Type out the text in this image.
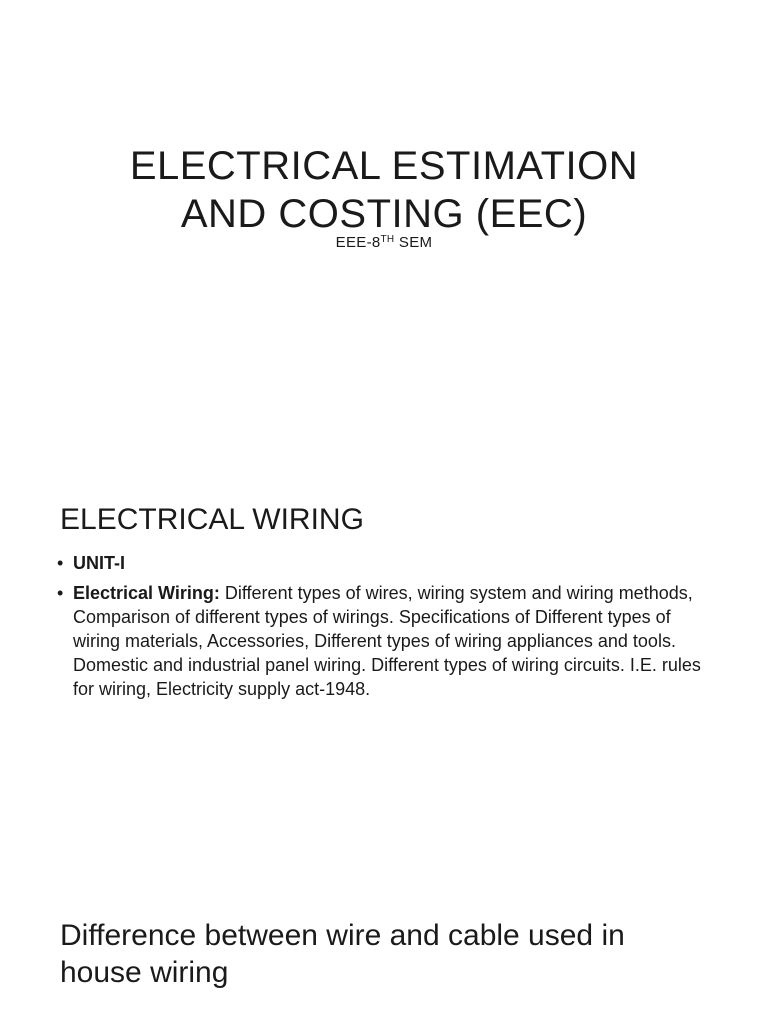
ELECTRICAL ESTIMATION
AND COSTING (EEC)
EEE-8TH SEM
ELECTRICAL WIRING
• UNIT-I
• Electrical Wiring: Different types of wires, wiring system and wiring methods, Comparison of different types of wirings. Specifications of Different types of wiring materials, Accessories, Different types of wiring appliances and tools. Domestic and industrial panel wiring. Different types of wiring circuits. I.E. rules for wiring, Electricity supply act-1948.
Difference between wire and cable used in house wiring
